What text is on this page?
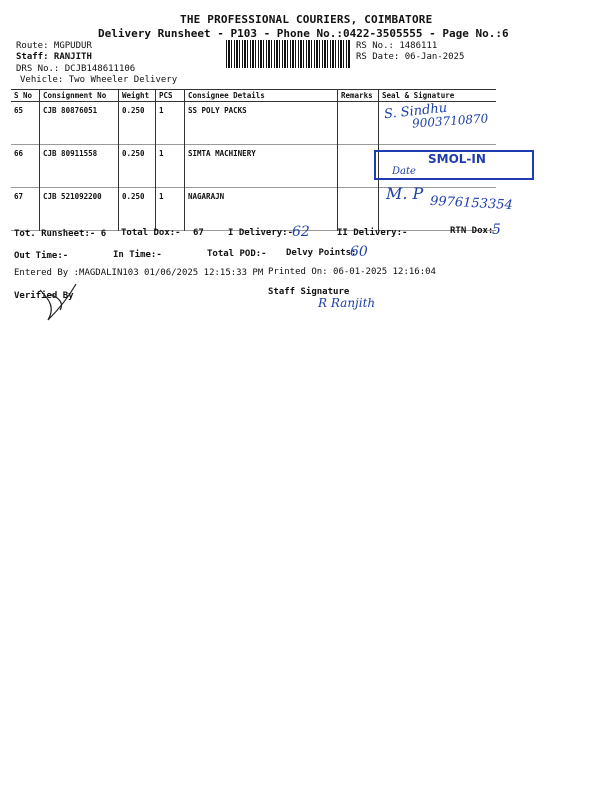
THE PROFESSIONAL COURIERS, COIMBATORE
Delivery Runsheet - P103 - Phone No.:0422-3505555 - Page No.:6
Route: MGPUDUR
Staff: RANJITH
DRS No.: DCJB148611106
Vehicle: Two Wheeler Delivery
RS No.: 1486111
RS Date: 06-Jan-2025
S No	Consignment No	Weight	PCS	Consignee Details	Remarks	Seal & Signature
65	CJB 80876051	0.250	1	SS POLY PACKS		
66	CJB 80911558	0.250	1	SIMTA MACHINERY		
67	CJB 521092200	0.250	1	NAGARAJN		
S. Sindhu
9003710870
SMOL-IN
Date
M. P
9976153354
Tot. Runsheet:- 6 Total Dox:- 67	I Delivery:-
62	II Delivery:-	RTN Dox:
5
Out Time:-	In Time:-	Total POD:- Delvy Points:
60
Entered By :MAGDALIN103 01/06/2025 12:15:33 PM Printed On: 06-01-2025 12:16:04
Verified By	Staff Signature
R Ranjith
